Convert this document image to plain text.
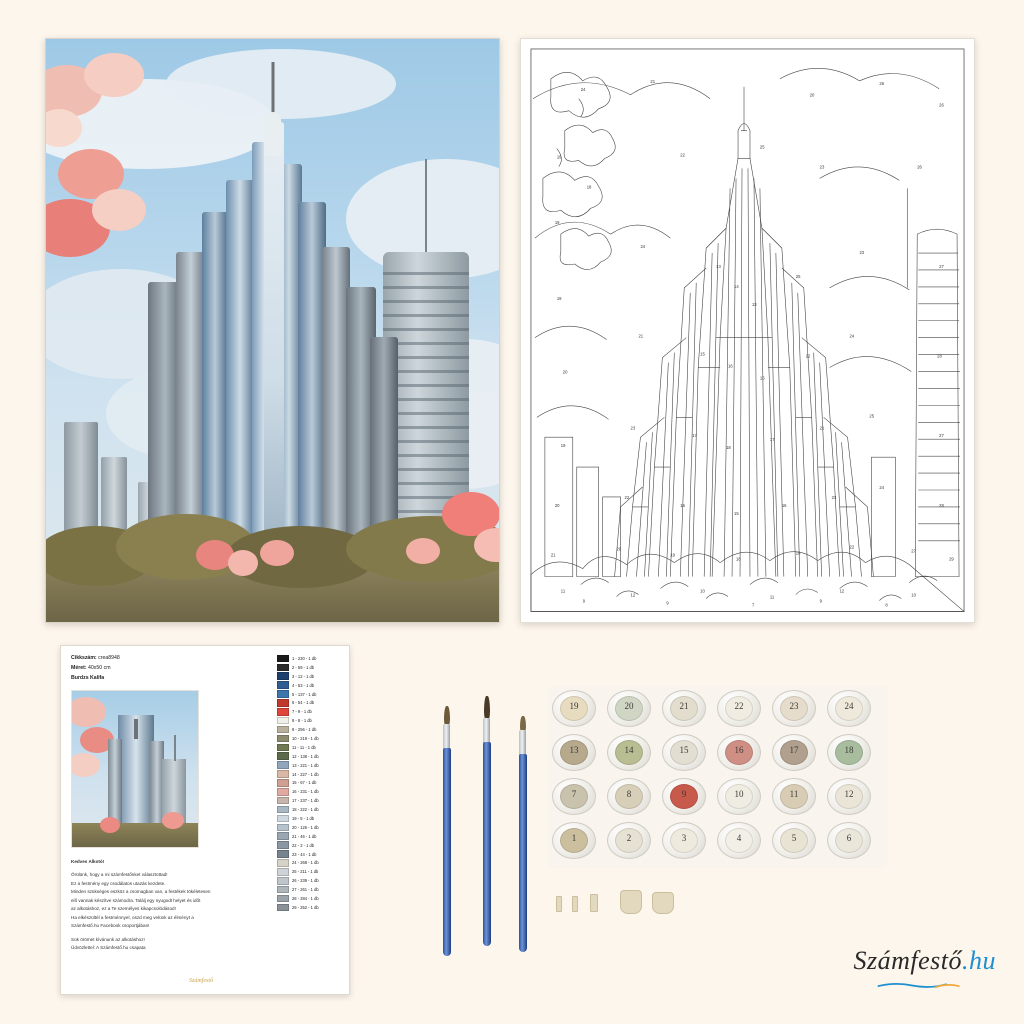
24
21
20
26
26
19
18
19
22
25
23	26
19
24
13
14
13
25
23
27
20
21
15
16
15
22
24
28
19
23
17
18
17
21
25
27
20
22
16
15
16
23
24
28
21
20
19
18
19
22
27
29
11
12
10
11
12
10
9	9	7
9
8
Cikkszám: crea8948
Méret: 40x50 cm
Burdzs Kalifa

Kedves Alkotó!

Örülünk, hogy a mi számfestőnket választottad!
Ez a festmény egy csodálatos utazás kezdete.
Minden szükséges eszköz a csomagban van, a festékek tökéletesen
elő vannak készítve számodra. Találj egy nyugodt helyet és időt
az alkotáshoz, ez a Te személyes kikapcsolódásod!
Ha elkészültél a festménnyel, oszd meg velünk az élményt a
Számfestő.hu Facebook csoportjában!

Sok örömet kívánunk az alkotáshoz!
Üdvözlettel: A Számfestő.hu csapata

Számfestő
1 - 220 - 1 db
2 - 59 - 1 db
3 - 12 - 1 db
4 - 53 - 1 db
5 - 137 - 1 db
6 - 54 - 1 db
7 - 9 - 1 db
8 - 8 - 1 db
9 - 256 - 1 db
10 - 219 - 1 db
11 - 11 - 1 db
12 - 138 - 1 db
13 - 221 - 1 db
14 - 227 - 1 db
15 - 67 - 1 db
16 - 231 - 1 db
17 - 237 - 1 db
18 - 222 - 1 db
19 - 5 - 1 db
20 - 126 - 1 db
21 - 46 - 1 db
22 - 2 - 1 db
23 - 44 - 1 db
24 - 268 - 1 db
25 - 211 - 1 db
26 - 239 - 1 db
27 - 261 - 1 db
28 - 284 - 1 db
29 - 252 - 1 db
19	20	21	22	23	24
13	14	15	16	17	18
7	8	9	10	11	12
1	2	3	4	5	6
Számfestő.hu
